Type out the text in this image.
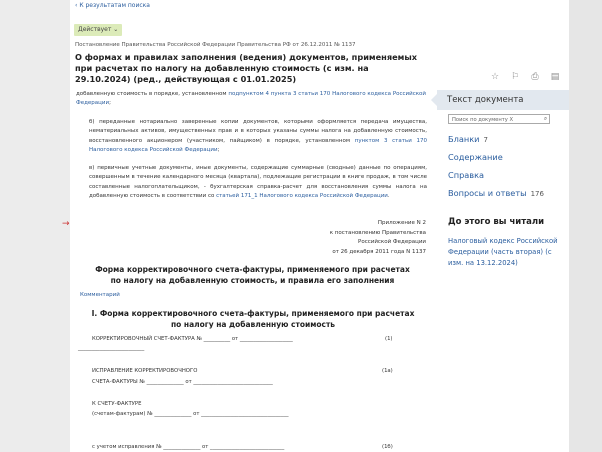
‹ К результатам поиска
Действует ⌄
Постановление Правительства Российской Федерации Правительства РФ от 26.12.2011 № 1137
О формах и правилах заполнения (ведения) документов, применяемых при расчетах по налогу на добавленную стоимость (с изм. на 29.10.2024) (ред., действующая с 01.01.2025)	☆ ⚐ ⎙ ▤
Текст документа
Поиск по документу X	⌕
Бланки 7
Содержание
Справка
Вопросы и ответы 176
До этого вы читали
Налоговый кодекс Российской Федерации (часть вторая) (с изм. на 13.12.2024)
добавленную стоимость в порядке, установленном подпунктом 4 пункта 3 статьи 170 Налогового кодекса Российской Федерации;
б) переданные нотариально заверенные копии документов, которыми оформляется передача имущества, нематериальных активов, имущественных прав и в которых указаны суммы налога на добавленную стоимость, восстановленного акционером (участником, пайщиком) в порядке, установленном пунктом 3 статьи 170 Налогового кодекса Российской Федерации;
в) первичные учетные документы, иные документы, содержащие суммарные (сводные) данные по операциям, совершенным в течение календарного месяца (квартала), подлежащие регистрации в книге продаж, в том числе составленные налогоплательщиком, - бухгалтерская справка-расчет для восстановления суммы налога на добавленную стоимость в соответствии со статьей 171_1 Налогового кодекса Российской Федерации.
→	Приложение N 2
к постановлению Правительства
Российской Федерации
от 26 декабря 2011 года N 1137
Форма корректировочного счета-фактуры, применяемого при расчетах по налогу на добавленную стоимость, и правила его заполнения
Комментарий
I. Форма корректировочного счета-фактуры, применяемого при расчетах по налогу на добавленную стоимость
КОРРЕКТИРОВОЧНЫЙ СЧЕТ-ФАКТУРА № __________ от ____________________	(1)
_________________________
ИСПРАВЛЕНИЕ КОРРЕКТИРОВОЧНОГО	(1а)
СЧЕТА-ФАКТУРЫ № ______________ от ______________________________
К СЧЕТУ-ФАКТУРЕ
(счетам-фактурам) № ______________ от _________________________________
с учетом исправления № ______________ от ____________________________	(1б)
